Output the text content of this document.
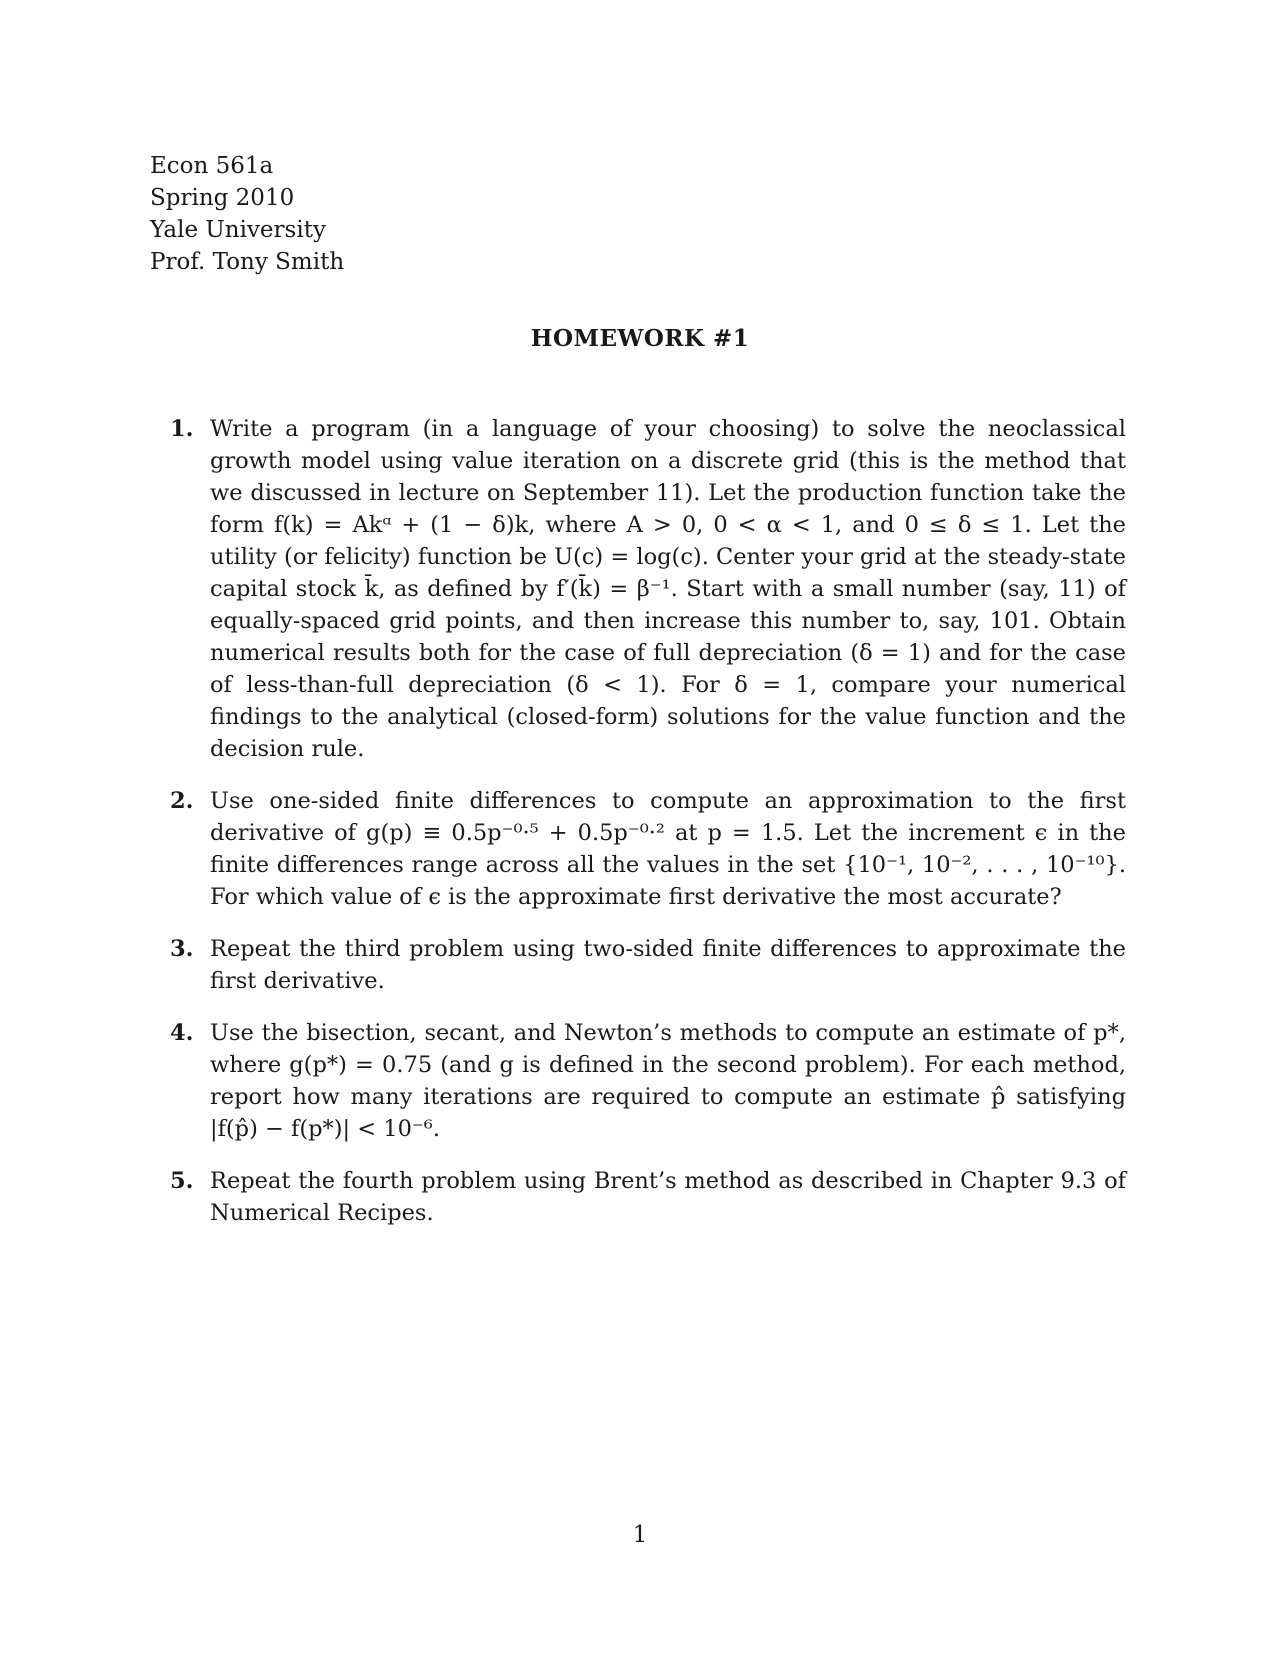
Econ 561a
Spring 2010
Yale University
Prof. Tony Smith
HOMEWORK #1
1. Write a program (in a language of your choosing) to solve the neoclassical growth model using value iteration on a discrete grid (this is the method that we discussed in lecture on September 11). Let the production function take the form f(k) = Akᵅ + (1 − δ)k, where A > 0, 0 < α < 1, and 0 ≤ δ ≤ 1. Let the utility (or felicity) function be U(c) = log(c). Center your grid at the steady-state capital stock k̄, as defined by f′(k̄) = β⁻¹. Start with a small number (say, 11) of equally-spaced grid points, and then increase this number to, say, 101. Obtain numerical results both for the case of full depreciation (δ = 1) and for the case of less-than-full depreciation (δ < 1). For δ = 1, compare your numerical findings to the analytical (closed-form) solutions for the value function and the decision rule.
2. Use one-sided finite differences to compute an approximation to the first derivative of g(p) ≡ 0.5p⁻⁰·⁵ + 0.5p⁻⁰·² at p = 1.5. Let the increment ϵ in the finite differences range across all the values in the set {10⁻¹, 10⁻², . . . , 10⁻¹⁰}. For which value of ϵ is the approximate first derivative the most accurate?
3. Repeat the third problem using two-sided finite differences to approximate the first derivative.
4. Use the bisection, secant, and Newton’s methods to compute an estimate of p*, where g(p*) = 0.75 (and g is defined in the second problem). For each method, report how many iterations are required to compute an estimate p̂ satisfying |f(p̂) − f(p*)| < 10⁻⁶.
5. Repeat the fourth problem using Brent’s method as described in Chapter 9.3 of Numerical Recipes.
1
